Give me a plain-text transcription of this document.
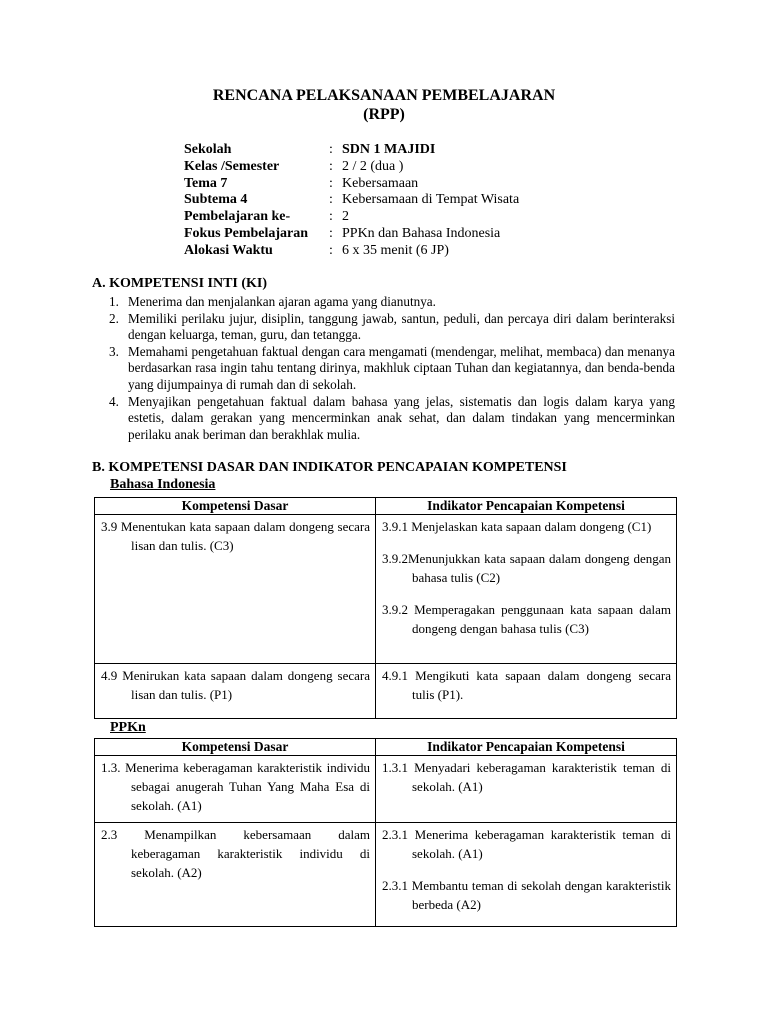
RENCANA PELAKSANAAN PEMBELAJARAN
(RPP)
Sekolah	: SDN 1 MAJIDI
Kelas /Semester	: 2 / 2 (dua )
Tema 7	: Kebersamaan
Subtema 4	: Kebersamaan di Tempat Wisata
Pembelajaran ke-	: 2
Fokus Pembelajaran : PPKn dan Bahasa Indonesia
Alokasi Waktu	: 6 x 35 menit (6 JP)
A. KOMPETENSI INTI (KI)
1. Menerima dan menjalankan ajaran agama yang dianutnya.
2. Memiliki perilaku jujur, disiplin, tanggung jawab, santun, peduli, dan percaya diri dalam berinteraksi dengan keluarga, teman, guru, dan tetangga.
3. Memahami pengetahuan faktual dengan cara mengamati (mendengar, melihat, membaca) dan menanya berdasarkan rasa ingin tahu tentang dirinya, makhluk ciptaan Tuhan dan kegiatannya, dan benda-benda yang dijumpainya di rumah dan di sekolah.
4. Menyajikan pengetahuan faktual dalam bahasa yang jelas, sistematis dan logis dalam karya yang estetis, dalam gerakan yang mencerminkan anak sehat, dan dalam tindakan yang mencerminkan perilaku anak beriman dan berakhlak mulia.
B. KOMPETENSI DASAR DAN INDIKATOR PENCAPAIAN KOMPETENSI
Bahasa Indonesia
Kompetensi Dasar	Indikator Pencapaian Kompetensi

3.9 Menentukan kata sapaan dalam dongeng secara lisan dan tulis. (C3)	3.9.1 Menjelaskan kata sapaan dalam dongeng (C1)
3.9.2Menunjukkan kata sapaan dalam dongeng dengan bahasa tulis (C2)
3.9.2 Memperagakan penggunaan kata sapaan dalam dongeng dengan bahasa tulis (C3)

4.9 Menirukan kata sapaan dalam dongeng secara lisan dan tulis. (P1)	4.9.1 Mengikuti kata sapaan dalam dongeng secara tulis (P1).
PPKn
Kompetensi Dasar	Indikator Pencapaian Kompetensi

1.3. Menerima keberagaman karakteristik individu sebagai anugerah Tuhan Yang Maha Esa di sekolah. (A1)	1.3.1 Menyadari keberagaman karakteristik teman di sekolah. (A1)

2.3 Menampilkan kebersamaan dalam keberagaman karakteristik individu di sekolah. (A2)	2.3.1 Menerima keberagaman karakteristik teman di sekolah. (A1)
2.3.1 Membantu teman di sekolah dengan karakteristik berbeda (A2)
